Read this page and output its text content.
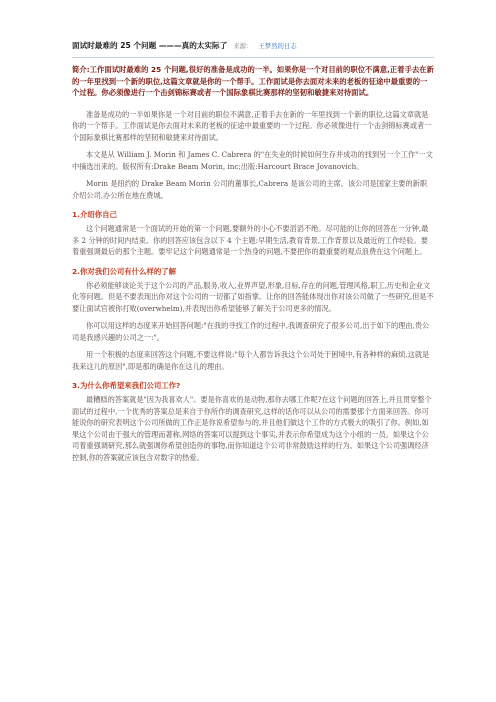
面试时最难的 25 个问题 ———真的太实际了 来源： 王梦然的日志
简介:工作面试时最难的 25 个问题,很好的准备是成功的一半。如果你是一个对目前的职位不满意,正着手去在新的一年里找到一个新的职位,这篇文章就是你的一个帮手。工作面试是你去面对未来的老板的征途中最重要的一个过程。你必须像进行一个击剑锦标赛或者一个国际象棋比赛那样的坚韧和敏捷来对待面试。

准备是成功的一半如果你是一个对目前的职位不满意,正着手去在新的一年里找到一个新的职位,这篇文章就是你的一个帮手。工作面试是你去面对未来的老板的征途中最重要的一个过程。你必须像进行一个击剑锦标赛或者一个国际象棋比赛那样的坚韧和敏捷来对待面试。

本文是从 William J. Morin 和 James C. Cabrera 的"在失业的时候如何生存并成功的找到另一个工作"一文中摘选出来的。版权所有:Drake Beam Morin, inc;出版:Harcourt Brace Jovanovich。

Morin 是纽约的 Drake Beam Morin 公司的董事长,Cabrera 是该公司的主席。该公司是国家主要的新职介绍公司,办公所在地在费城。

1.介绍你自己

这个问题通常是一个面试的开始的第一个问题,要额外的小心不要滔滔不绝。尽可能的让你的回答在一分钟,最多 2 分钟的时间内结束。你的回答应该包含以下 4 个主题:早期生活,教育背景,工作背景以及最近的工作经验。要着重强调最后的那个主题。要牢记这个问题通常是一个热身的问题,不要把你的最重要的观点浪费在这个问题上。

2.你对我们公司有什么样的了解

你必须能够谈论关于这个公司的产品,服务,收入,业界声望,形象,目标,存在的问题,管理风格,职工,历史和企业文化等问题。但是不要表现出你对这个公司的一切都了如指掌。让你的回答能体现出你对该公司做了一些研究,但是不要让面试官被你打败(overwhelm),并表现出你希望能够了解关于公司更多的情况。

你可以用这样的态度来开始回答问题:"在我的寻找工作的过程中,我调查研究了很多公司,出于如下的理由,贵公司是我感兴趣的公司之一:"。

用一个积极的态度来回答这个问题,不要这样说:"每个人都告诉我这个公司处于困境中,有各种样的麻烦,这就是我来这儿的原因",即是那的确是你在这儿的理由。

3.为什么你希望来我们公司工作?

最糟糕的答案就是"因为我喜欢人"。要是你喜欢的是动物,那你去哪工作呢?在这个问题的回答上,并且贯穿整个面试的过程中,一个优秀的答案总是来自于你所作的调查研究,这样的话你可以从公司的需要那个方面来回答。你可能说你的研究表明这个公司所做的工作正是你说希望参与的,并且他们做这个工作的方式极大的吸引了你。例如,如果这个公司由于强大的管理而著称,网络的答案可以提到这个事实,并表示你希望成为这个小组的一员。如果这个公司着重强调研究,那么就强调你希望创造你的事物,而你知道这个公司非常鼓励这样的行为。如果这个公司强调经济控制,你的答案就应该包含对数字的热爱。
